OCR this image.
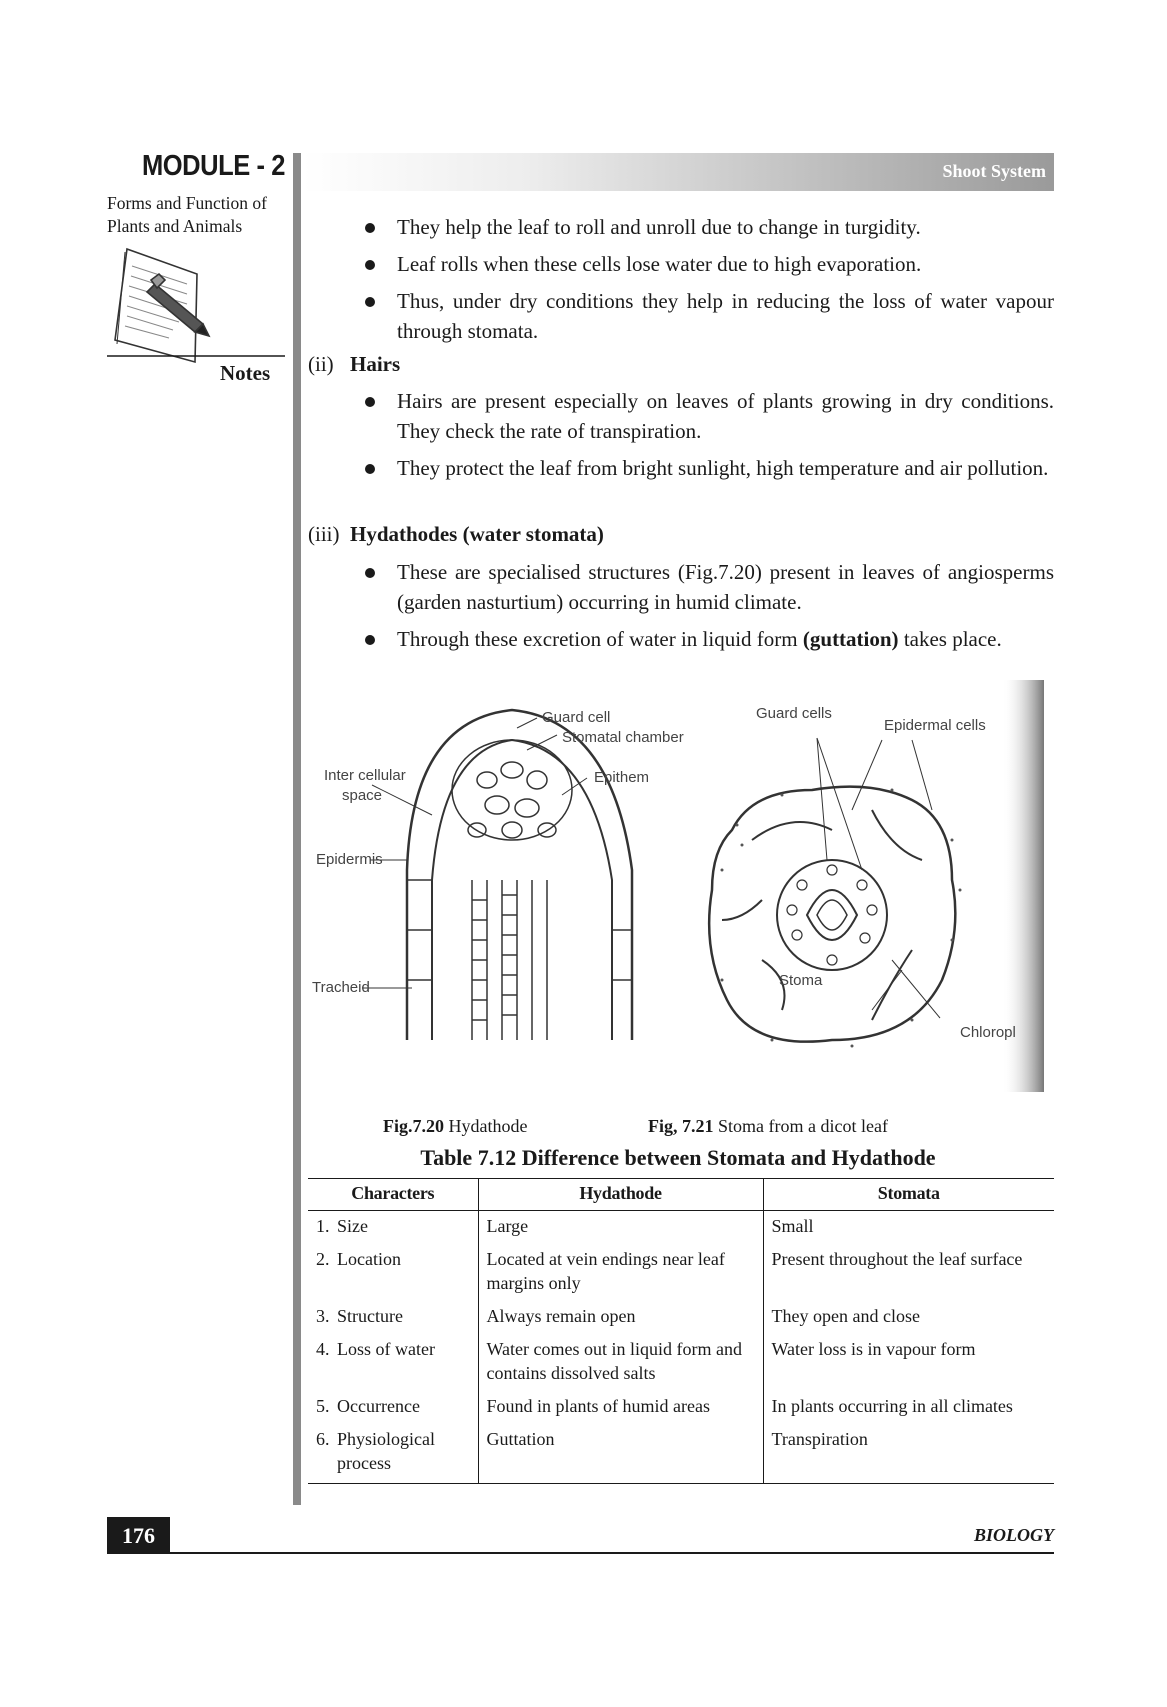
MODULE - 2
Forms and Function of
Plants and Animals
Notes
Shoot System
They help the leaf to roll and unroll due to change in turgidity.
Leaf rolls when these cells lose water due to high evaporation.
Thus, under dry conditions they help in reducing the loss of water vapour through stomata.
(ii) Hairs
Hairs are present especially on leaves of plants growing in dry conditions. They check the rate of transpiration.
They protect the leaf from bright sunlight, high temperature and air pollution.
(iii) Hydathodes (water stomata)
These are specialised structures (Fig.7.20) present in leaves of angiosperms (garden nasturtium) occurring in humid climate.
Through these excretion of water in liquid form (guttation) takes place.
Guard cell
Stomatal chamber
Inter cellular
space
Epithem
Epidermis
Tracheid
Guard cells
Epidermal cells
Stoma
Chloropl
Fig.7.20 Hydathode	Fig, 7.21 Stoma from a dicot leaf
Table 7.12 Difference between Stomata and Hydathode
Characters	Hydathode	Stomata
1. Size	Large	Small
2. Location	Located at vein endings near leaf margins only	Present throughout the leaf surface
3. Structure	Always remain open	They open and close
4. Loss of water	Water comes out in liquid form and contains dissolved salts	Water loss is in vapour form
5. Occurrence	Found in plants of humid areas	In plants occurring in all climates
6. Physiological
process	Guttation	Transpiration
176	BIOLOGY
